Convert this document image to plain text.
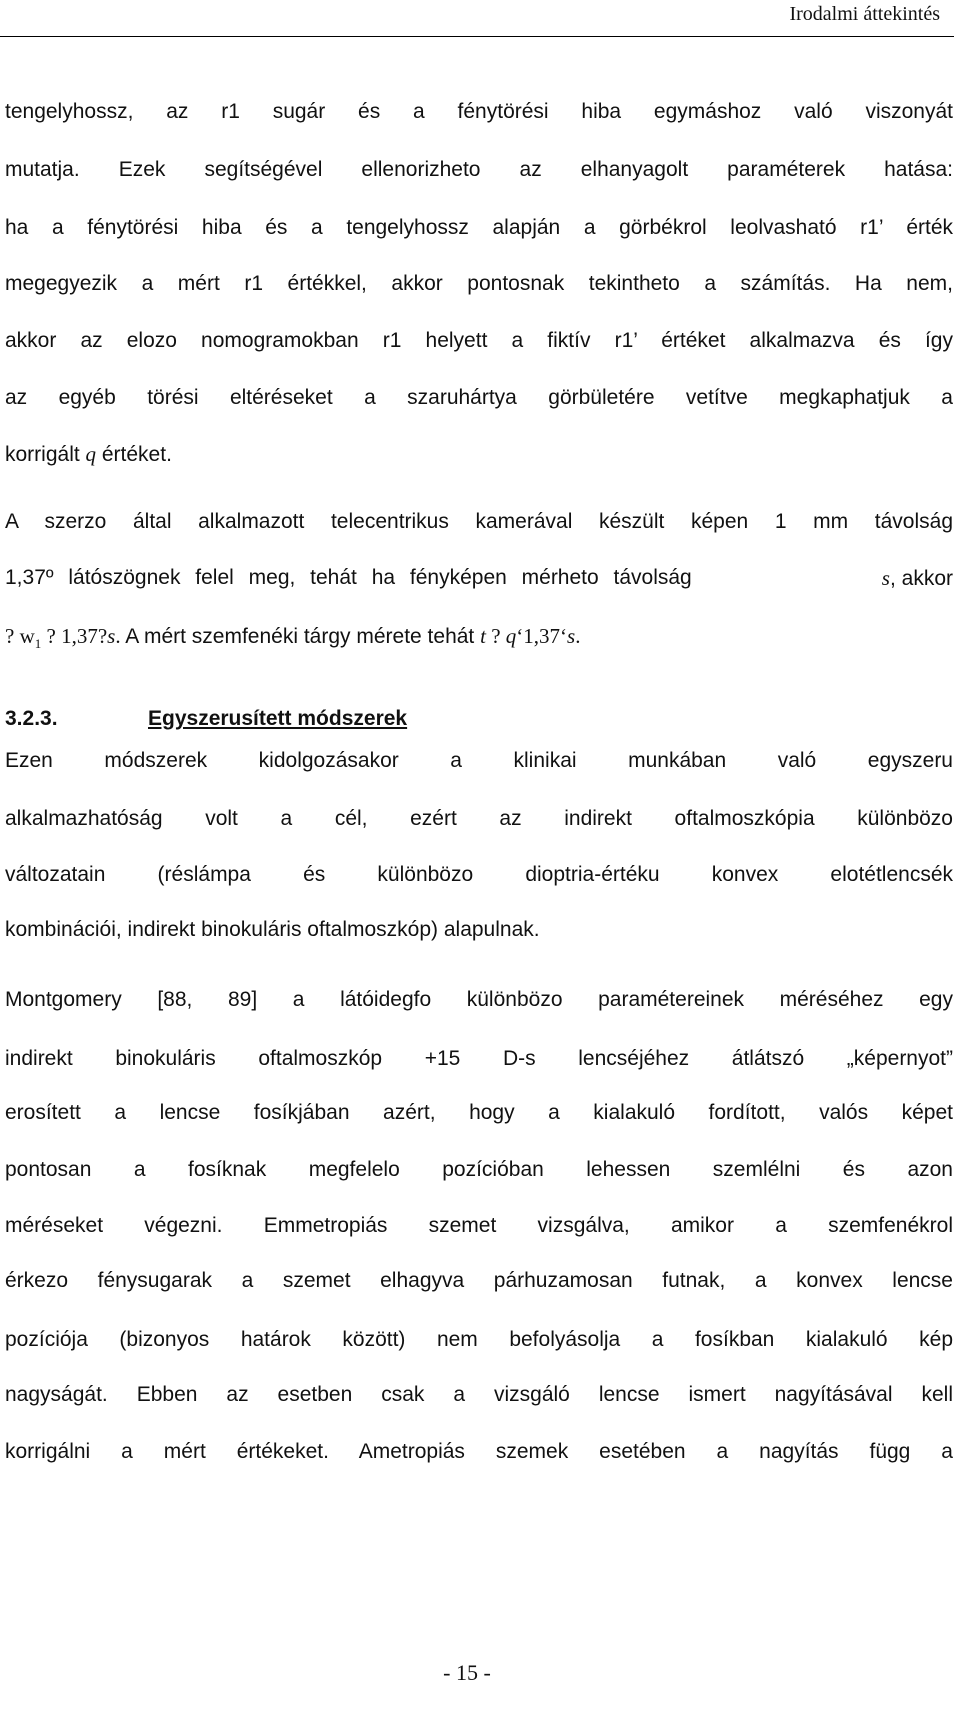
Irodalmi áttekintés
tengelyhossz, az r1 sugár és a fénytörési hiba egymáshoz való viszonyát
mutatja. Ezek segítségével ellenorizheto az elhanyagolt paraméterek hatása:
ha a fénytörési hiba és a tengelyhossz alapján a görbékrol leolvasható r1’ érték
megegyezik a mért r1 értékkel, akkor pontosnak tekintheto a számítás. Ha nem,
akkor az elozo nomogramokban r1 helyett a fiktív r1’ értéket alkalmazva és így
az egyéb törési eltéréseket a szaruhártya görbületére vetítve megkaphatjuk a
korrigált q értéket.
A szerzo által alkalmazott telecentrikus kamerával készült képen 1 mm távolság
1,37º látószögnek felel meg, tehát ha fényképen mérheto távolság	s, akkor
? $w_1$ ? 1,37?s. A mért szemfenéki tárgy mérete tehát t ? q‘1,37‘s.
3.2.3.	Egyszerusített módszerek
Ezen módszerek kidolgozásakor a klinikai munkában való egyszeru
alkalmazhatóság volt a cél, ezért az indirekt oftalmoszkópia különbözo
változatain (réslámpa és különbözo dioptria-értéku konvex elotétlencsék
kombinációi, indirekt binokuláris oftalmoszkóp) alapulnak.
Montgomery [88, 89] a látóidegfo különbözo paramétereinek méréséhez egy
indirekt binokuláris oftalmoszkóp +15 D-s lencséjéhez átlátszó „képernyot”
erosített a lencse fosíkjában azért, hogy a kialakuló fordított, valós képet
pontosan a fosíknak megfelelo pozícióban lehessen szemlélni és azon
méréseket végezni. Emmetropiás szemet vizsgálva, amikor a szemfenékrol
érkezo fénysugarak a szemet elhagyva párhuzamosan futnak, a konvex lencse
pozíciója (bizonyos határok között) nem befolyásolja a fosíkban kialakuló kép
nagyságát. Ebben az esetben csak a vizsgáló lencse ismert nagyításával kell
korrigálni a mért értékeket. Ametropiás szemek esetében a nagyítás függ a
- 15 -
